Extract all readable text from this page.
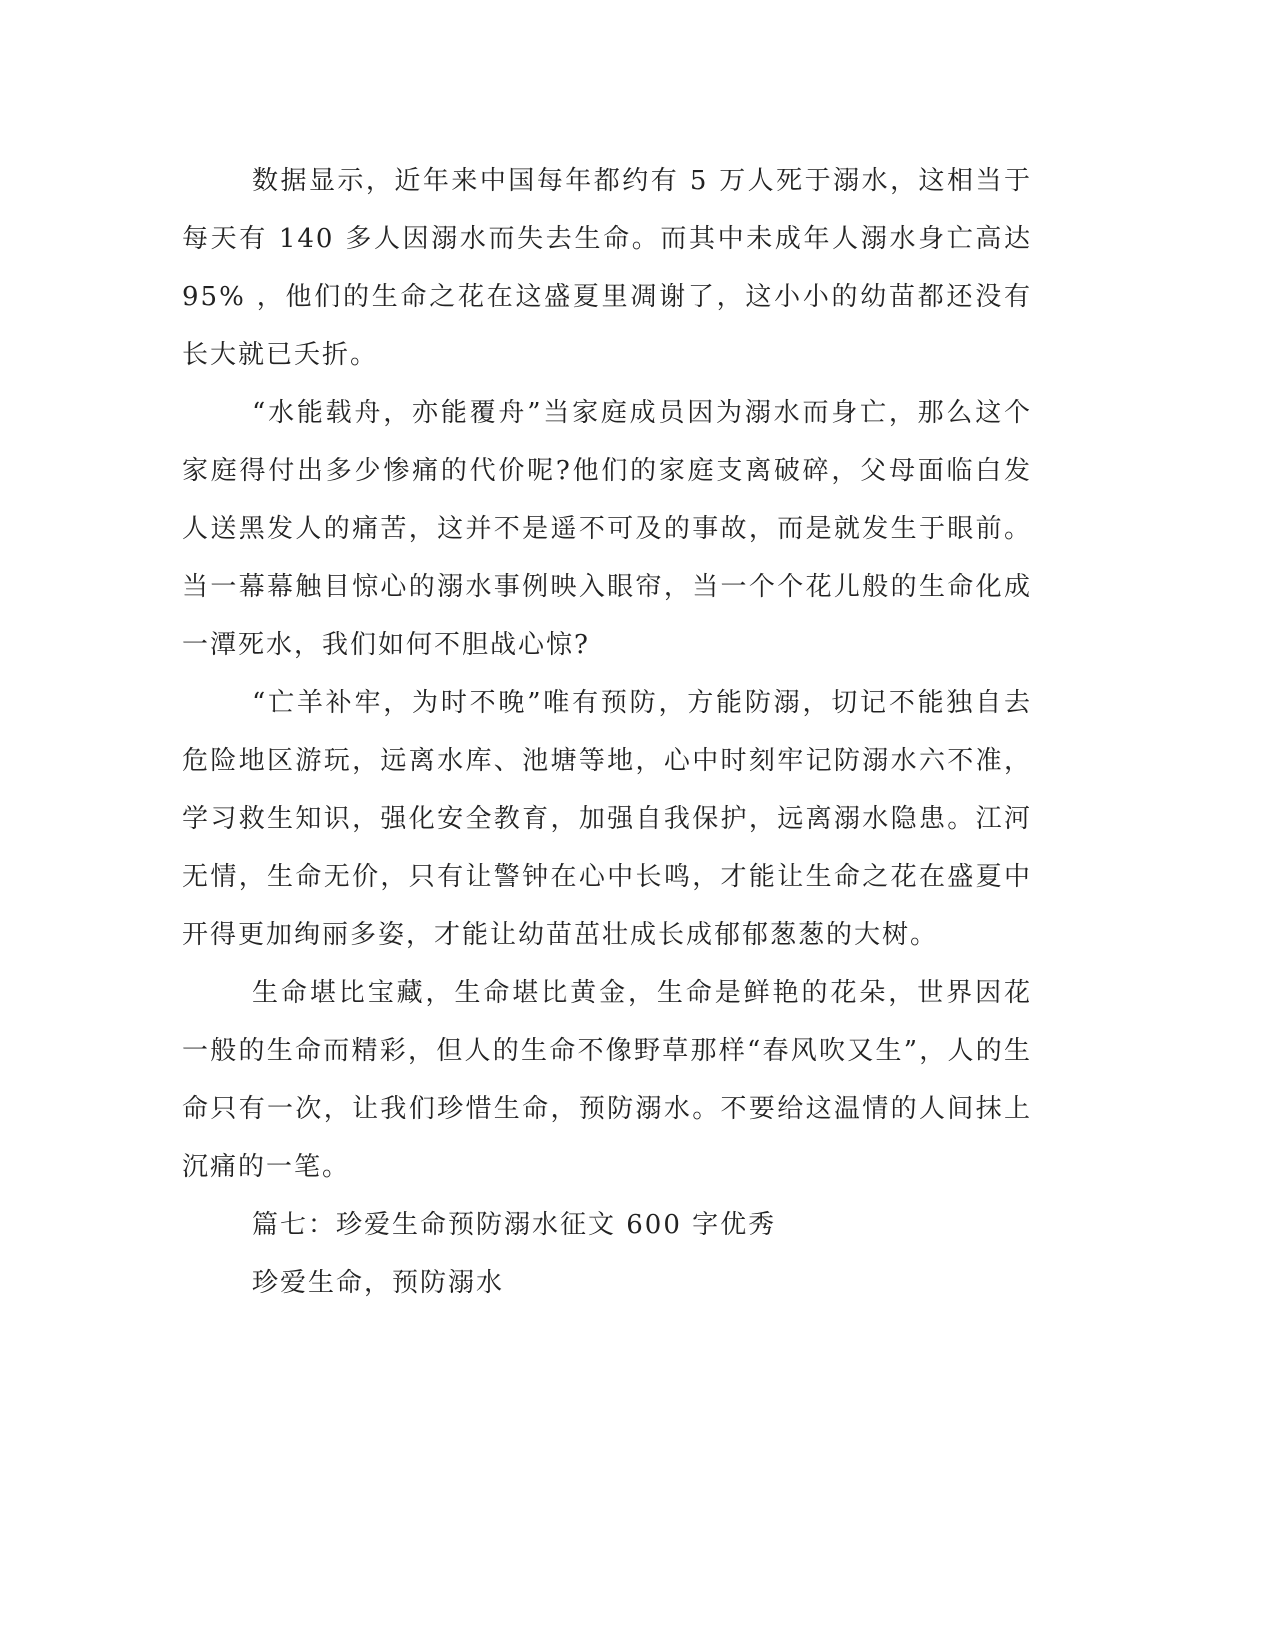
数据显示，近年来中国每年都约有 5 万人死于溺水，这相当于每天有 140 多人因溺水而失去生命。而其中未成年人溺水身亡高达 95% ，他们的生命之花在这盛夏里凋谢了，这小小的幼苗都还没有长大就已夭折。

“水能载舟，亦能覆舟”当家庭成员因为溺水而身亡，那么这个家庭得付出多少惨痛的代价呢?他们的家庭支离破碎，父母面临白发人送黑发人的痛苦，这并不是遥不可及的事故，而是就发生于眼前。当一幕幕触目惊心的溺水事例映入眼帘，当一个个花儿般的生命化成一潭死水，我们如何不胆战心惊?

“亡羊补牢，为时不晚”唯有预防，方能防溺，切记不能独自去危险地区游玩，远离水库、池塘等地，心中时刻牢记防溺水六不准，学习救生知识，强化安全教育，加强自我保护，远离溺水隐患。江河无情，生命无价，只有让警钟在心中长鸣，才能让生命之花在盛夏中开得更加绚丽多姿，才能让幼苗茁壮成长成郁郁葱葱的大树。

生命堪比宝藏，生命堪比黄金，生命是鲜艳的花朵，世界因花一般的生命而精彩，但人的生命不像野草那样“春风吹又生”，人的生命只有一次，让我们珍惜生命，预防溺水。不要给这温情的人间抹上沉痛的一笔。

篇七：珍爱生命预防溺水征文 600 字优秀

珍爱生命，预防溺水
